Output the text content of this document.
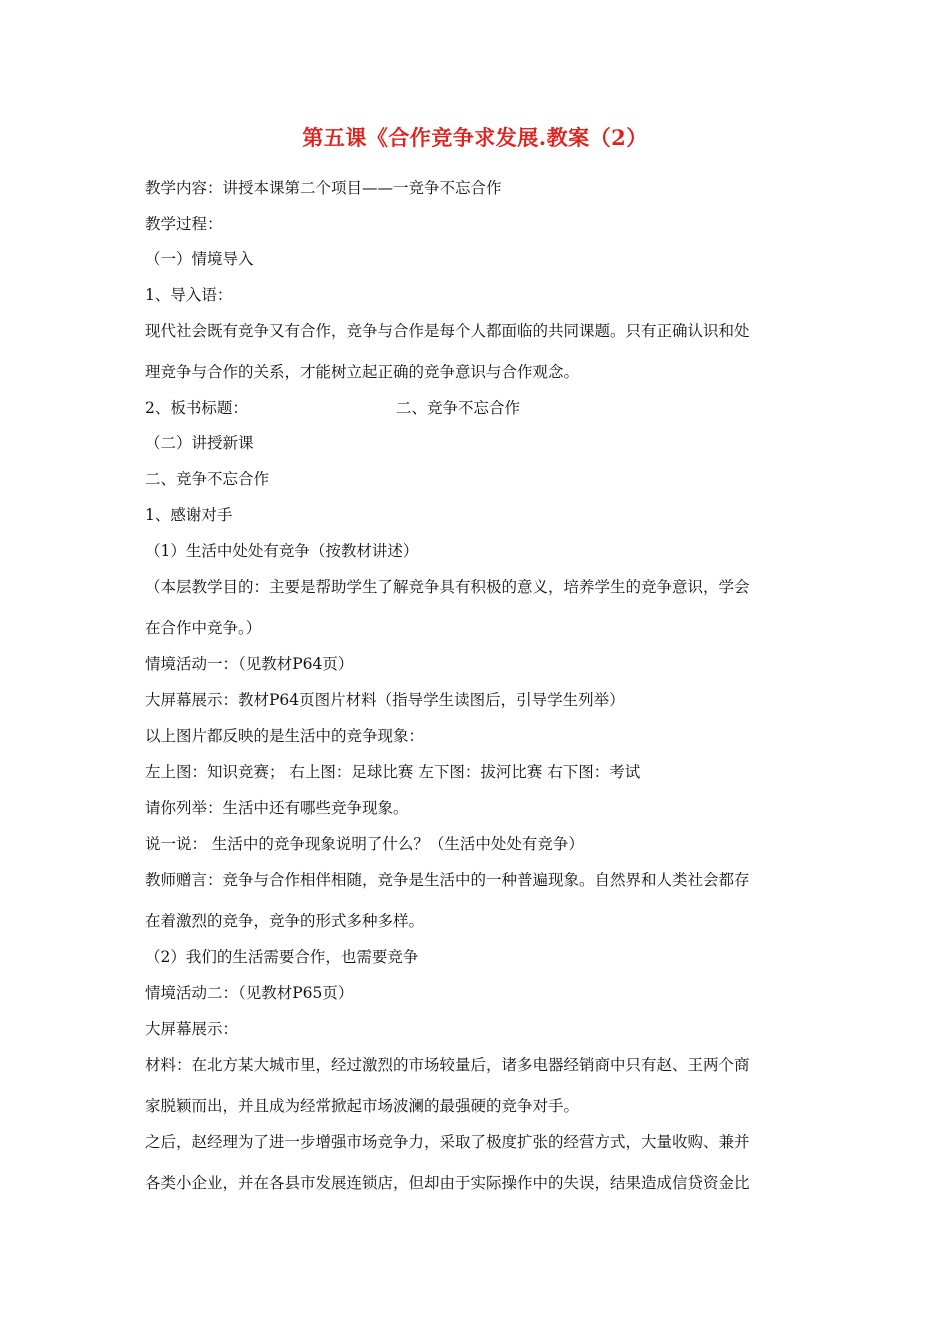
第五课《合作竞争求发展.教案（2）
教学内容：讲授本课第二个项目——一竞争不忘合作
教学过程：
（一）情境导入
1、导入语：
现代社会既有竞争又有合作，竞争与合作是每个人都面临的共同课题。只有正确认识和处
理竞争与合作的关系，才能树立起正确的竞争意识与合作观念。
2、板书标题：	二、竞争不忘合作
（二）讲授新课
二、竞争不忘合作
1、感谢对手
（1）生活中处处有竞争（按教材讲述）
（本层教学目的：主要是帮助学生了解竞争具有积极的意义，培养学生的竞争意识，学会
在合作中竞争。）
情境活动一：（见教材P64页）
大屏幕展示：教材P64页图片材料（指导学生读图后，引导学生列举）
以上图片都反映的是生活中的竞争现象：
左上图：知识竞赛； 右上图：足球比赛 左下图：拔河比赛 右下图：考试
请你列举：生活中还有哪些竞争现象。
说一说： 生活中的竞争现象说明了什么？（生活中处处有竞争）
教师赠言：竞争与合作相伴相随，竞争是生活中的一种普遍现象。自然界和人类社会都存
在着激烈的竞争，竞争的形式多种多样。
（2）我们的生活需要合作，也需要竞争
情境活动二：（见教材P65页）
大屏幕展示：
材料：在北方某大城市里，经过激烈的市场较量后，诸多电器经销商中只有赵、王两个商
家脱颖而出，并且成为经常掀起市场波澜的最强硬的竞争对手。
之后，赵经理为了进一步增强市场竞争力，采取了极度扩张的经营方式，大量收购、兼并
各类小企业，并在各县市发展连锁店，但却由于实际操作中的失误，结果造成信贷资金比
